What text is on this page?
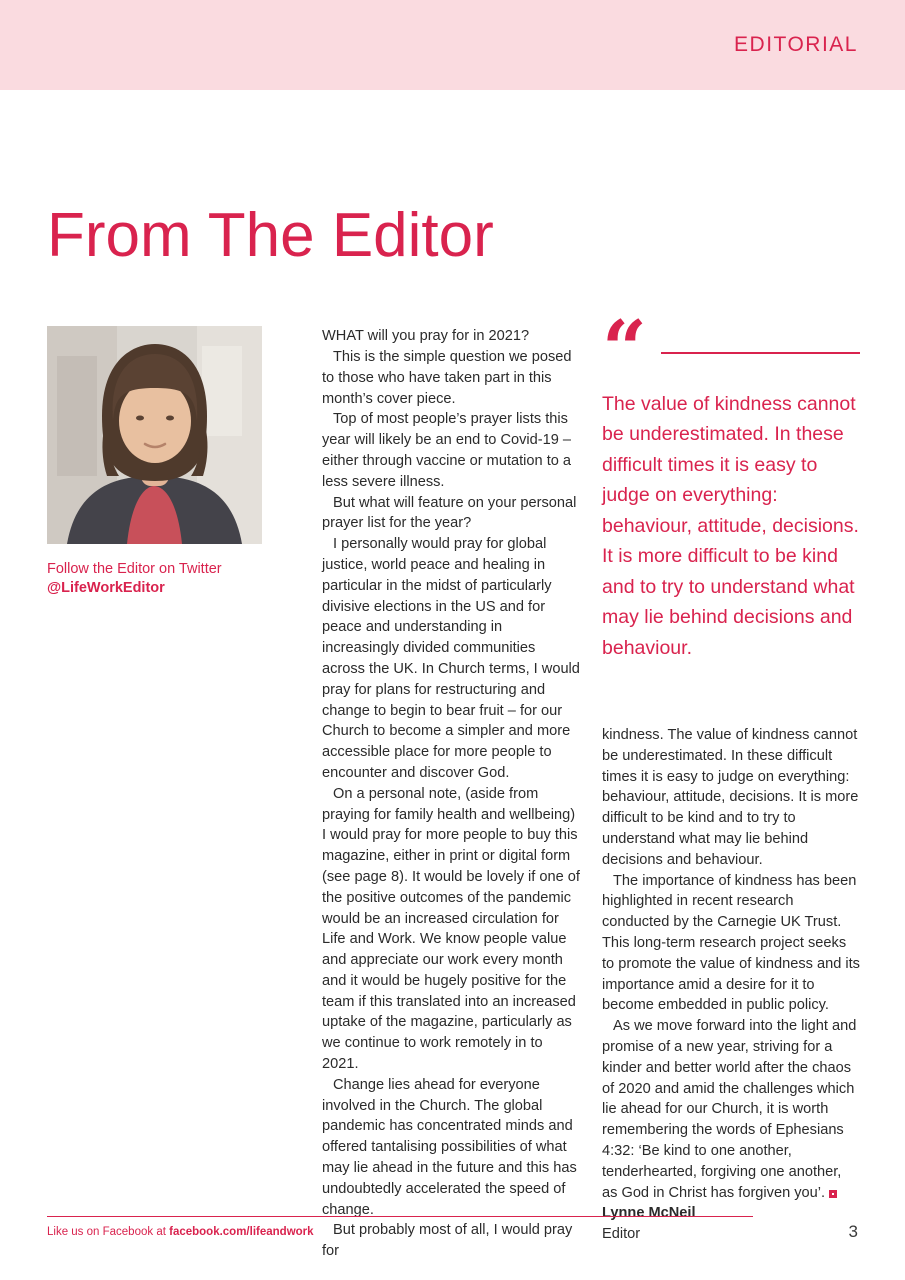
EDITORIAL
From The Editor
Follow the Editor on Twitter
@LifeWorkEditor

WHAT will you pray for in 2021?

This is the simple question we posed to those who have taken part in this month’s cover piece.

Top of most people’s prayer lists this year will likely be an end to Covid-19 – either through vaccine or mutation to a less severe illness.

But what will feature on your personal prayer list for the year?

I personally would pray for global justice, world peace and healing in particular in the midst of particularly divisive elections in the US and for peace and understanding in increasingly divided communities across the UK. In Church terms, I would pray for plans for restructuring and change to begin to bear fruit – for our Church to become a simpler and more accessible place for more people to encounter and discover God.

On a personal note, (aside from praying for family health and wellbeing) I would pray for more people to buy this magazine, either in print or digital form (see page 8). It would be lovely if one of the positive outcomes of the pandemic would be an increased circulation for Life and Work. We know people value and appreciate our work every month and it would be hugely positive for the team if this translated into an increased uptake of the magazine, particularly as we continue to work remotely in to 2021.

Change lies ahead for everyone involved in the Church. The global pandemic has concentrated minds and offered tantalising possibilities of what may lie ahead in the future and this has undoubtedly accelerated the speed of change.

But probably most of all, I would pray for

“
The value of kindness cannot be underestimated. In these difficult times it is easy to judge on everything: behaviour, attitude, decisions. It is more difficult to be kind and to try to understand what may lie behind decisions and behaviour.

kindness. The value of kindness cannot be underestimated. In these difficult times it is easy to judge on everything: behaviour, attitude, decisions. It is more difficult to be kind and to try to understand what may lie behind decisions and behaviour.

The importance of kindness has been highlighted in recent research conducted by the Carnegie UK Trust. This long-term research project seeks to promote the value of kindness and its importance amid a desire for it to become embedded in public policy.

As we move forward into the light and promise of a new year, striving for a kinder and better world after the chaos of 2020 and amid the challenges which lie ahead for our Church, it is worth remembering the words of Ephesians 4:32: ‘Be kind to one another, tenderhearted, forgiving one another, as God in Christ has forgiven you’.

Lynne McNeil

Editor

Like us on Facebook at facebook.com/lifeandwork	3
